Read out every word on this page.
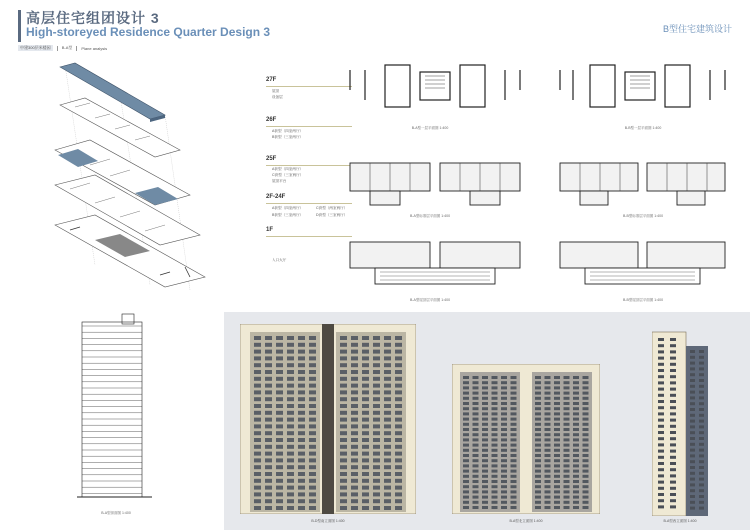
高层住宅组团设计 3
High-storeyed Residence Quarter Design 3
中建300层米楼园	B-A型 Plane analysis
B型住宅建筑设计
27F
屋顶
设备层
26F
A套型（四室两厅）
B套型（三室两厅）
25F
A套型（四室两厅）
C套型（三室两厅）
屋顶平台
2F-24F
A套型（四室两厅）	C套型（两室两厅）
B套型（三室两厅）	D套型（三室两厅）
1F
入口大厅
B-A型一层平面图 1:400	B-B型一层平面图 1:400
B-A型标准层平面图 1:400	B-B型标准层平面图 1:400
B-A型屋顶层平面图 1:400	B-B型屋顶层平面图 1:400
B-A型剖面图 1:400
B-D型南立面图 1:400	B-A型北立面图 1:400	B-A型西立面图 1:400
